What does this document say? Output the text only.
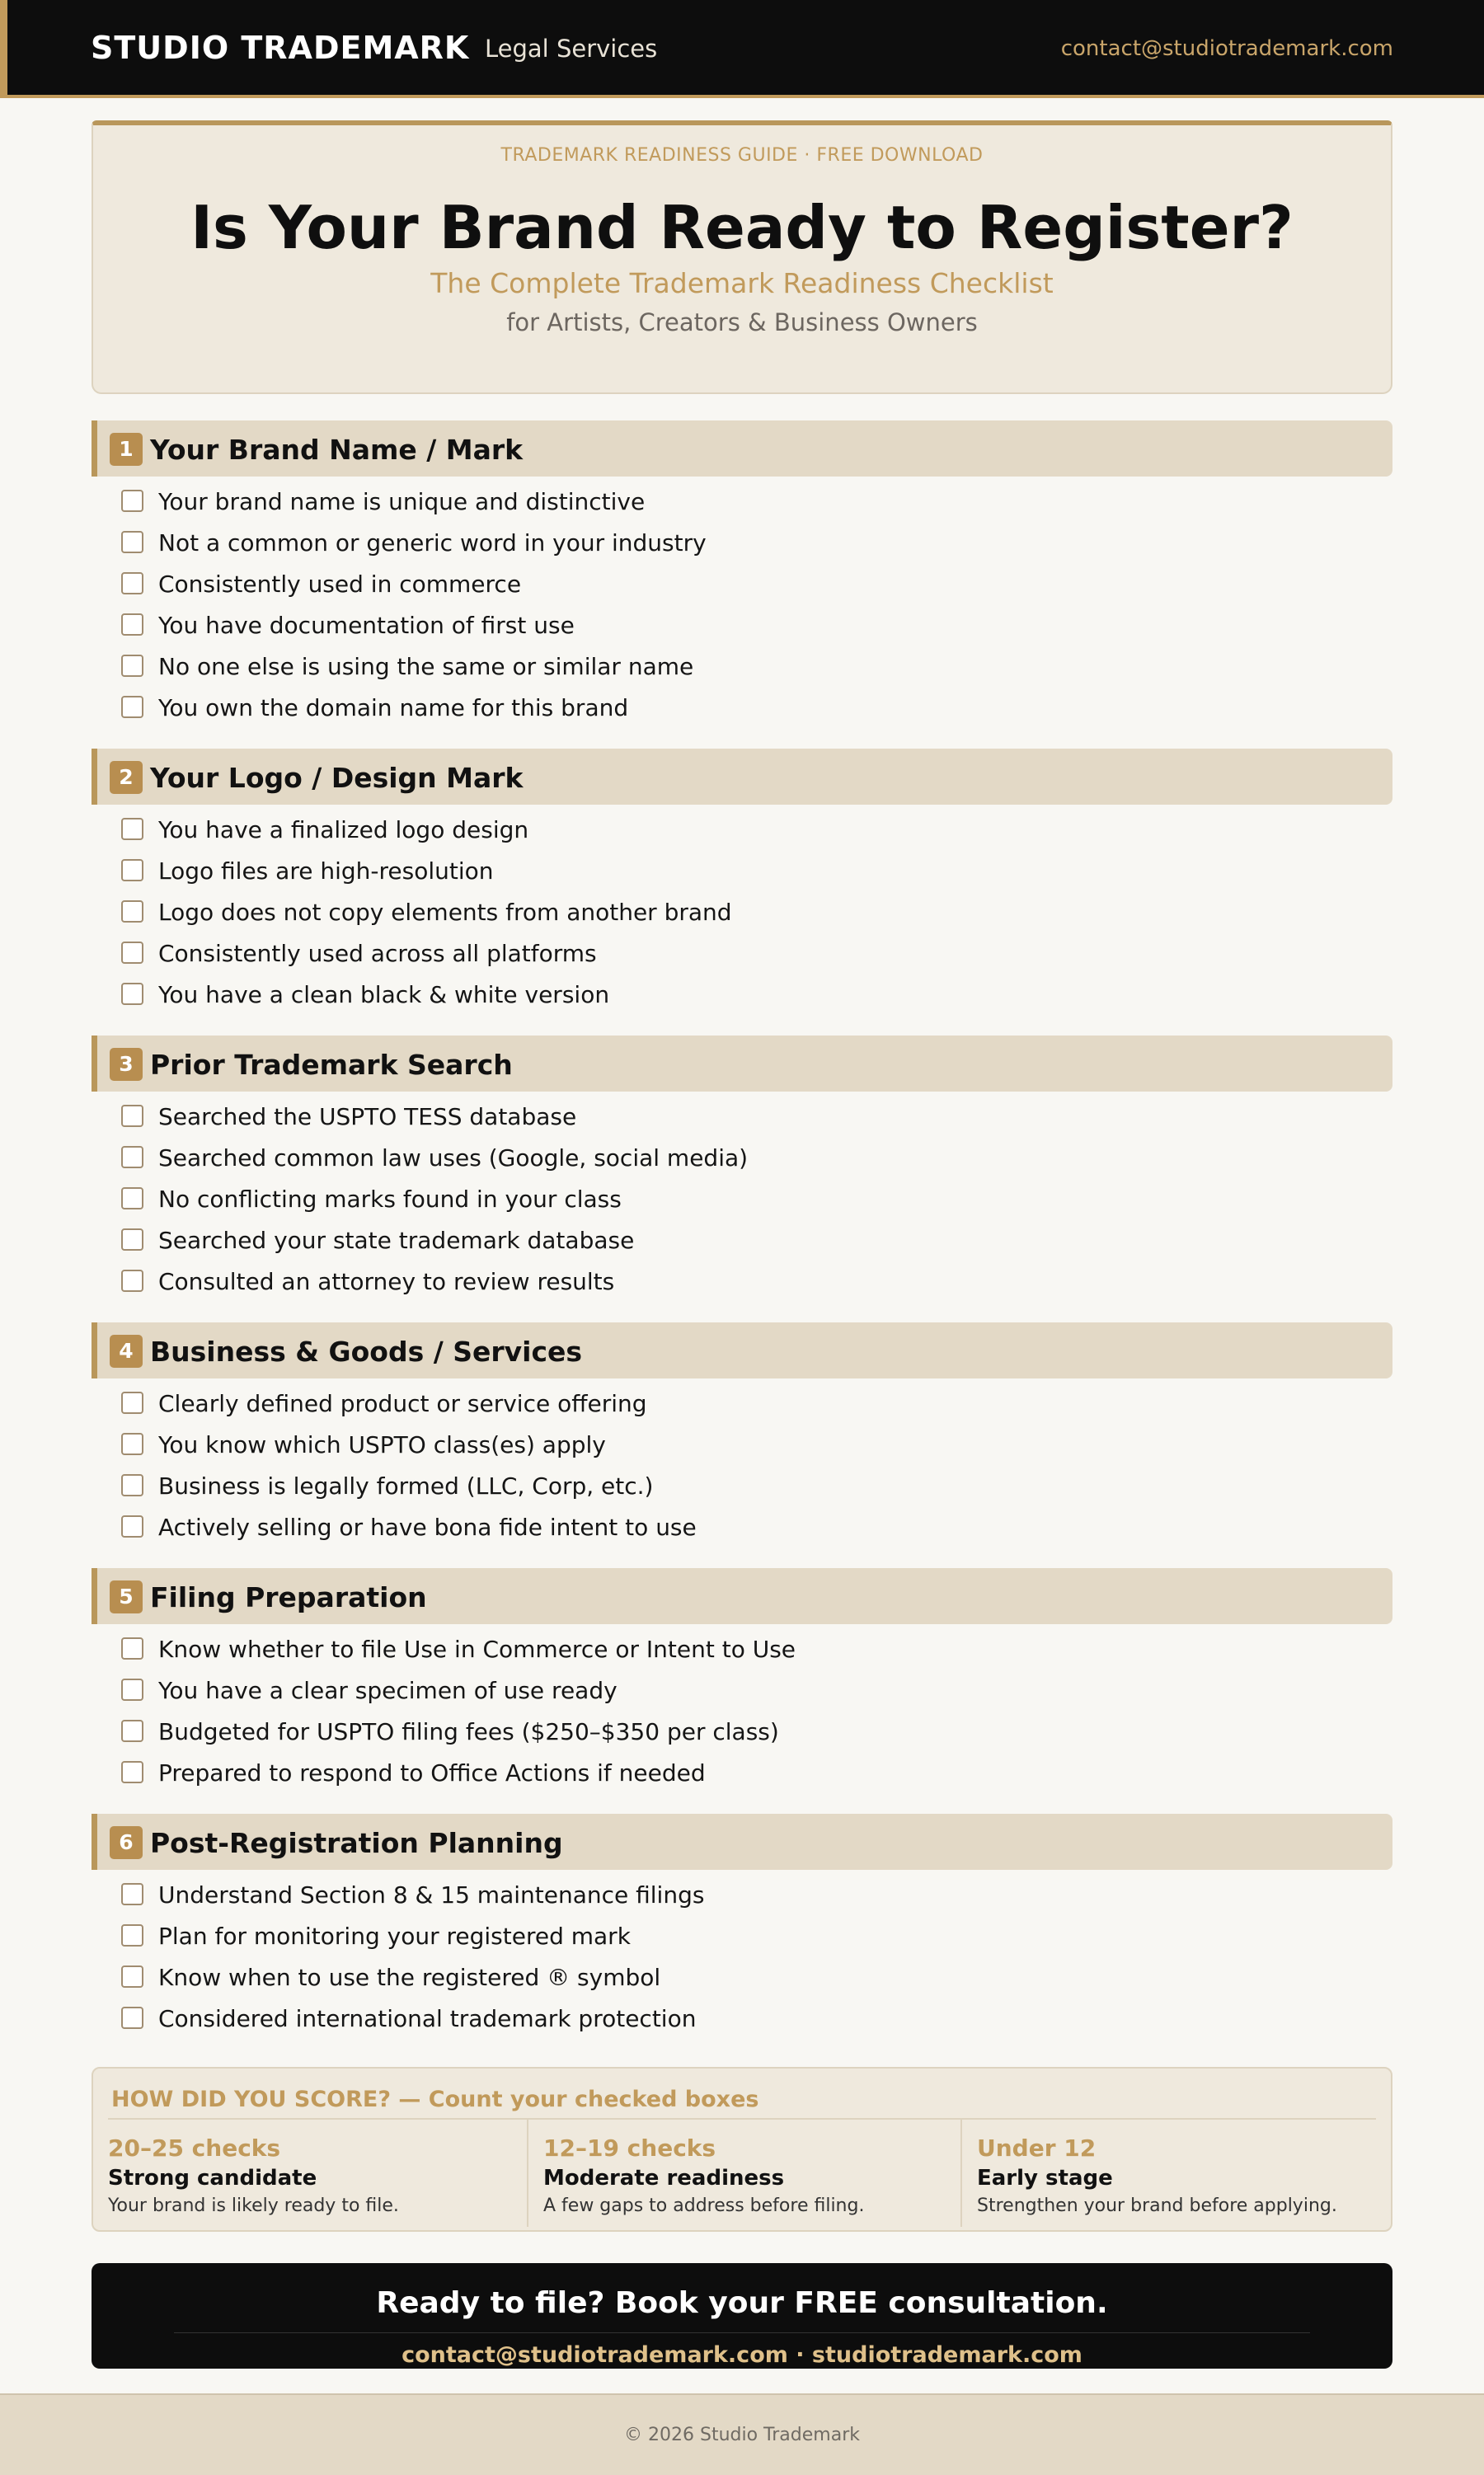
STUDIO TRADEMARK Legal Services	contact@studiotrademark.com
TRADEMARK READINESS GUIDE · FREE DOWNLOAD
Is Your Brand Ready to Register?
The Complete Trademark Readiness Checklist
for Artists, Creators & Business Owners
1 Your Brand Name / Mark
Your brand name is unique and distinctive
Not a common or generic word in your industry
Consistently used in commerce
You have documentation of first use
No one else is using the same or similar name
You own the domain name for this brand
2 Your Logo / Design Mark
You have a finalized logo design
Logo files are high-resolution
Logo does not copy elements from another brand
Consistently used across all platforms
You have a clean black & white version
3 Prior Trademark Search
Searched the USPTO TESS database
Searched common law uses (Google, social media)
No conflicting marks found in your class
Searched your state trademark database
Consulted an attorney to review results
4 Business & Goods / Services
Clearly defined product or service offering
You know which USPTO class(es) apply
Business is legally formed (LLC, Corp, etc.)
Actively selling or have bona fide intent to use
5 Filing Preparation
Know whether to file Use in Commerce or Intent to Use
You have a clear specimen of use ready
Budgeted for USPTO filing fees ($250–$350 per class)
Prepared to respond to Office Actions if needed
6 Post-Registration Planning
Understand Section 8 & 15 maintenance filings
Plan for monitoring your registered mark
Know when to use the registered ® symbol
Considered international trademark protection
HOW DID YOU SCORE? — Count your checked boxes
20–25 checks
Strong candidate
Your brand is likely ready to file.
12–19 checks
Moderate readiness
A few gaps to address before filing.
Under 12
Early stage
Strengthen your brand before applying.
Ready to file? Book your FREE consultation.
contact@studiotrademark.com · studiotrademark.com
© 2026 Studio Trademark
